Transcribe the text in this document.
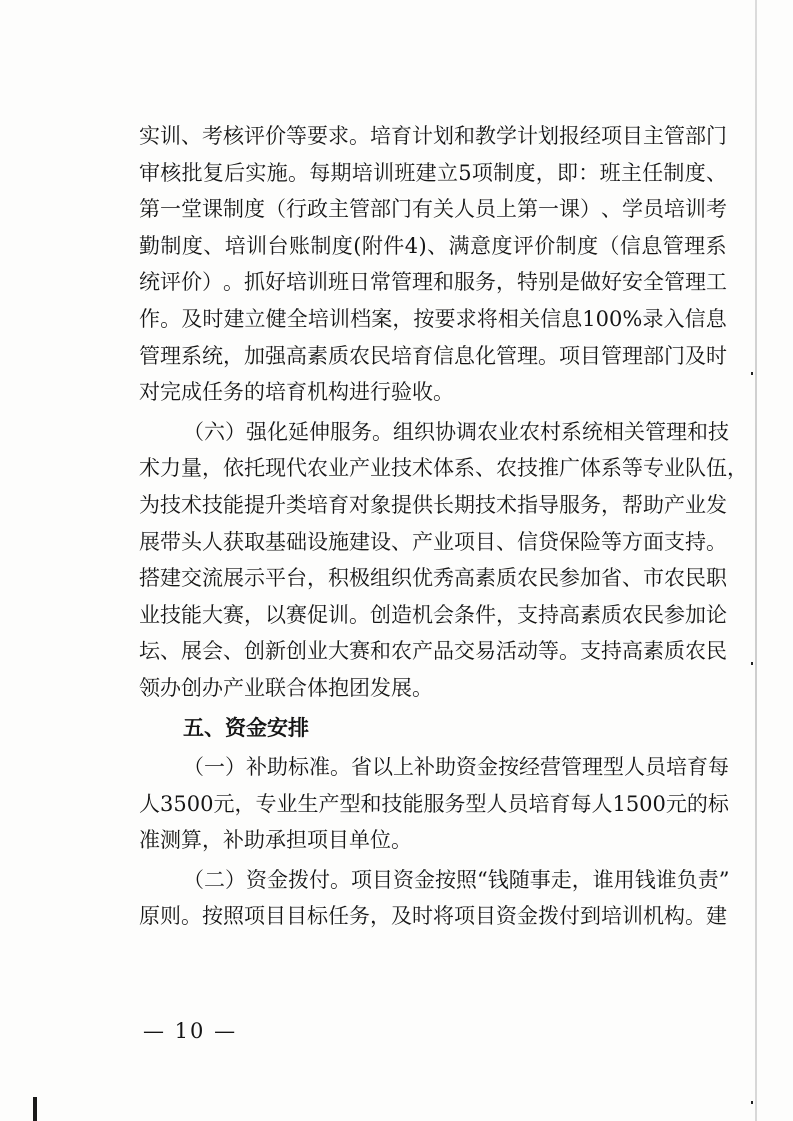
实 训 、 考 核 评 价 等 要 求 。 培 育 计 划 和 教 学 计 划 报 经 项 目 主 管 部 门
审 核 批 复 后 实 施 。 每 期 培 训 班 建 立 5 项 制 度 ， 即 ： 班 主 任 制 度 、
第 一 堂 课 制 度 （ 行 政 主 管 部 门 有 关 人 员 上 第 一 课 ） 、 学 员 培 训 考
勤 制 度 、 培 训 台 账 制 度 ( 附 件 4 ) 、 满 意 度 评 价 制 度 （ 信 息 管 理 系
统 评 价 ） 。 抓 好 培 训 班 日 常 管 理 和 服 务 ， 特 别 是 做 好 安 全 管 理 工
作 。 及 时 建 立 健 全 培 训 档 案 ， 按 要 求 将 相 关 信 息 100% 录 入 信 息
管 理 系 统 ， 加 强 高 素 质 农 民 培 育 信 息 化 管 理 。 项 目 管 理 部 门 及 时
对完成任务的培育机构进行验收。
（ 六 ） 强 化 延 伸 服 务 。 组 织 协 调 农 业 农 村 系 统 相 关 管 理 和 技
术 力 量 ， 依 托 现 代 农 业 产 业 技 术 体 系 、 农 技 推 广 体 系 等 专 业 队 伍 ，
为 技 术 技 能 提 升 类 培 育 对 象 提 供 长 期 技 术 指 导 服 务 ， 帮 助 产 业 发
展 带 头 人 获 取 基 础 设 施 建 设 、 产 业 项 目 、 信 贷 保 险 等 方 面 支 持 。
搭 建 交 流 展 示 平 台 ， 积 极 组 织 优 秀 高 素 质 农 民 参 加 省 、 市 农 民 职
业 技 能 大 赛 ， 以 赛 促 训 。 创 造 机 会 条 件 ， 支 持 高 素 质 农 民 参 加 论
坛 、 展 会 、 创 新 创 业 大 赛 和 农 产 品 交 易 活 动 等 。 支 持 高 素 质 农 民
领办创办产业联合体抱团发展。
五、资金安排
（ 一 ） 补 助 标 准 。 省 以 上 补 助 资 金 按 经 营 管 理 型 人 员 培 育 每
人 3500 元 ， 专 业 生 产 型 和 技 能 服 务 型 人 员 培 育 每 人 1500 元 的 标
准测算，补助承担项目单位。
（ 二 ） 资 金 拨 付 。 项 目 资 金 按 照 “ 钱 随 事 走 ， 谁 用 钱 谁 负 责 ”
原 则 。 按 照 项 目 目 标 任 务 ， 及 时 将 项 目 资 金 拨 付 到 培 训 机 构 。 建
— 10 —
